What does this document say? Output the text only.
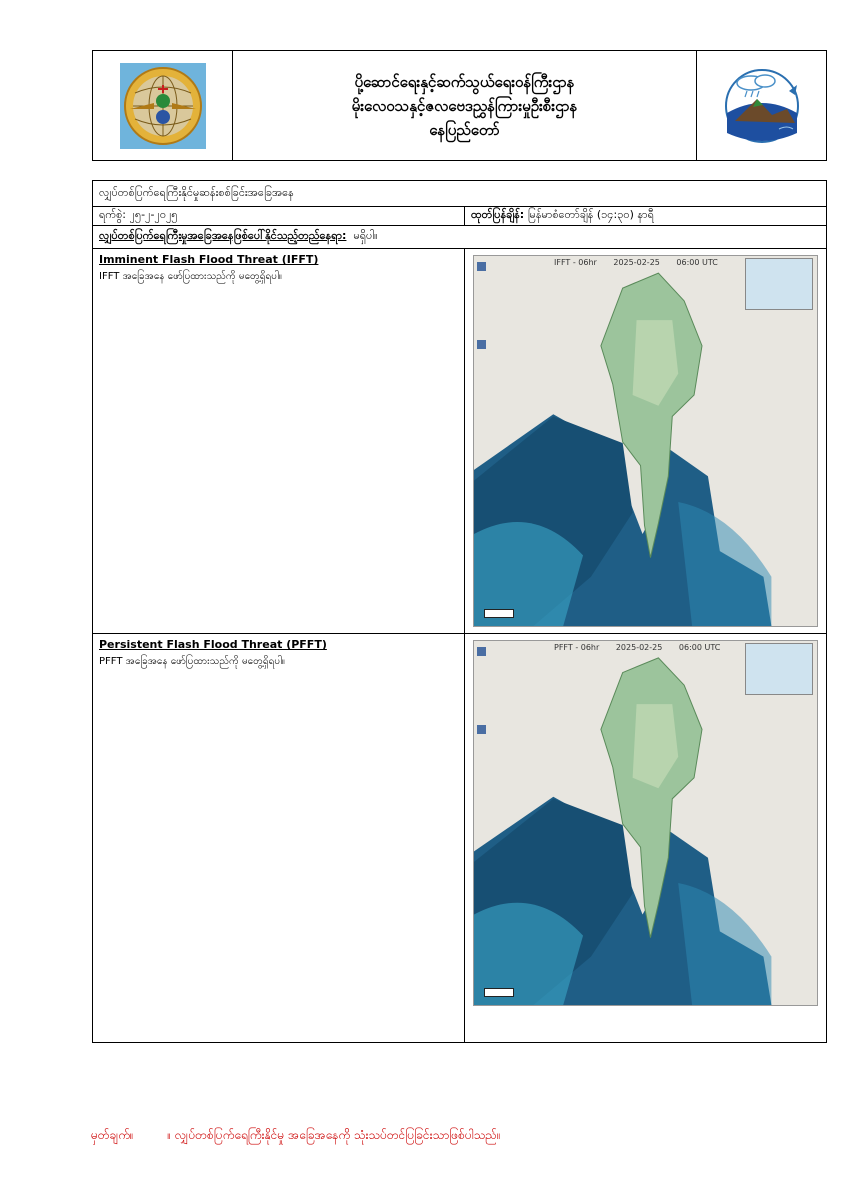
ပို့ဆောင်ရေးနှင့်ဆက်သွယ်ရေးဝန်ကြီးဌာန
မိုးလေဝသနှင့်ဇလဗေဒညွှန်ကြားမှုဦးစီးဌာန
နေပြည်တော်
လျှပ်တစ်ပြက်ရေကြီးနိုင်မှုဆန်းစစ်ခြင်းအခြေအနေ
ရက်စွဲ:
၂၅-၂-၂၀၂၅	ထုတ်ပြန်ချိန်:
မြန်မာစံတော်ချိန် (၁၄:၃၀) နာရီ
လျှပ်တစ်ပြက်ရေကြီးမှုအခြေအနေဖြစ်ပေါ်နိုင်သည့်တည်နေရာ:
မရှိပါ။

Imminent Flash Flood Threat (IFFT)

IFFT အခြေအနေ ဖော်ပြထားသည်ကို မတွေ့ရှိရပါ။

IFFT - 06hr 2025-02-25 06:00 UTC

Persistent Flash Flood Threat (PFFT)

PFFT အခြေအနေ ဖော်ပြထားသည်ကို မတွေ့ရှိရပါ။

PFFT - 06hr 2025-02-25 06:00 UTC
မှတ်ချက်။	။ လျှပ်တစ်ပြက်ရေကြီးနိုင်မှု အခြေအနေကို သုံးသပ်တင်ပြခြင်းသာဖြစ်ပါသည်။
